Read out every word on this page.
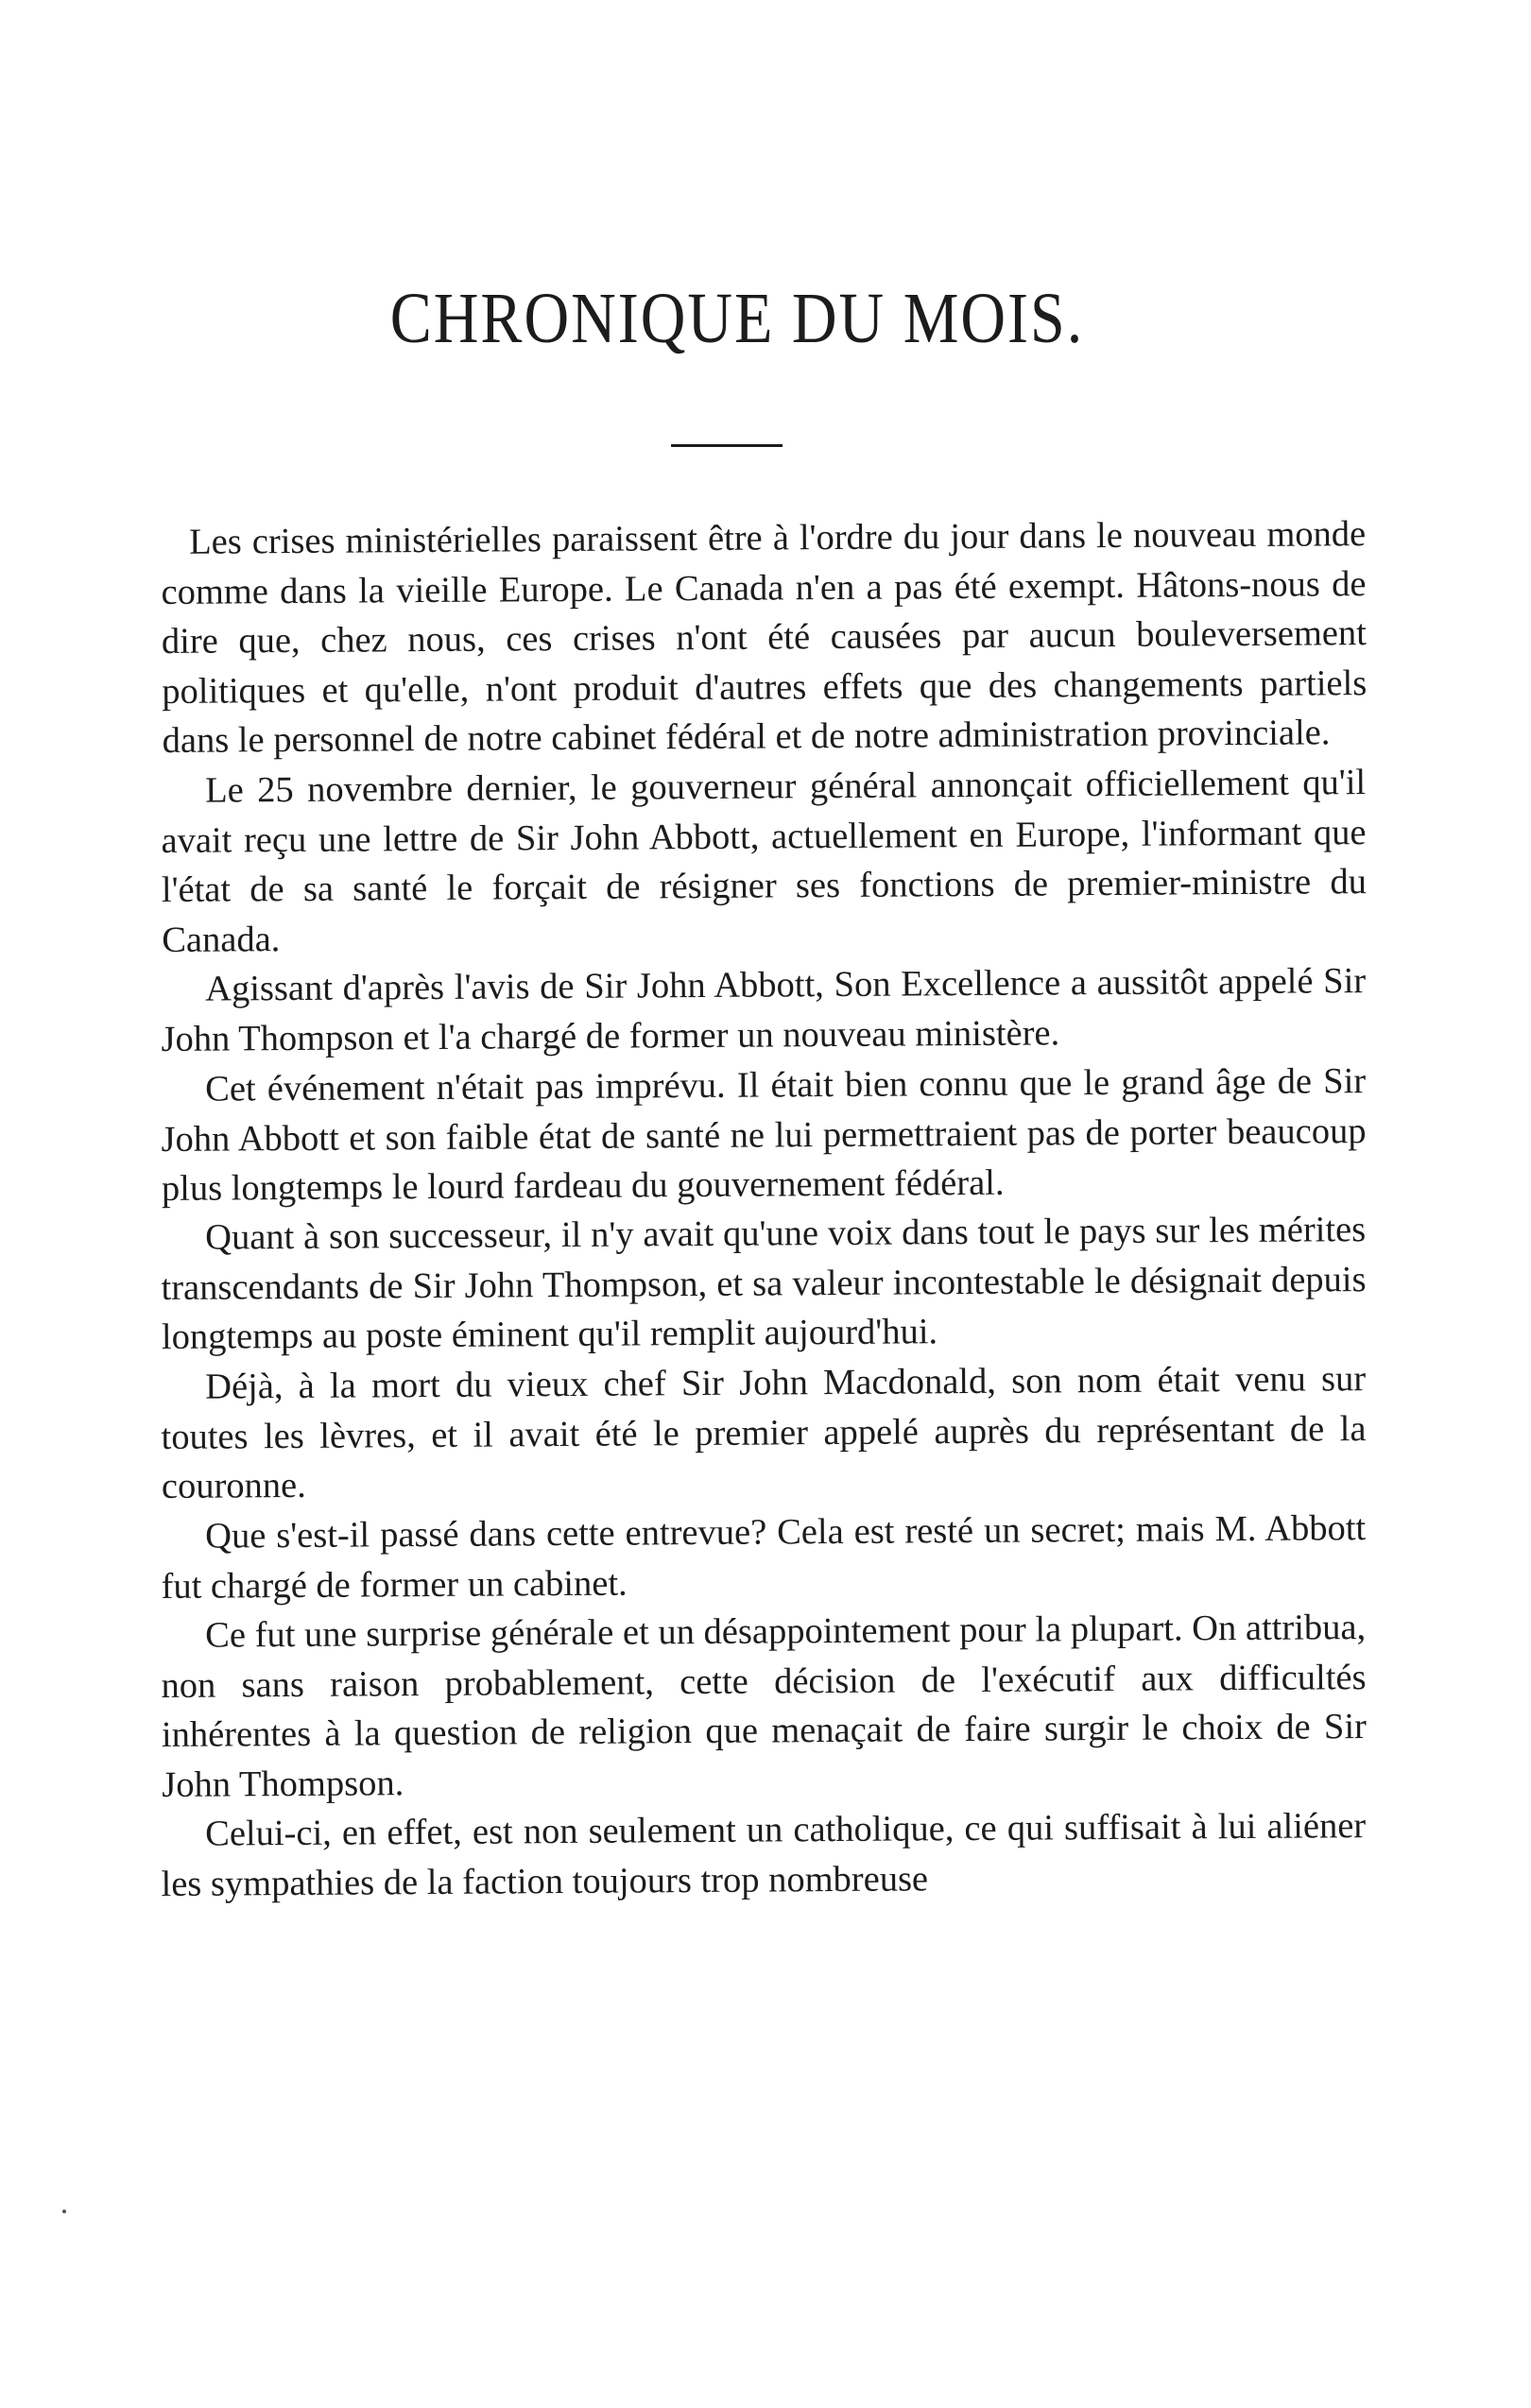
CHRONIQUE DU MOIS.

Les crises ministérielles paraissent être à l'ordre du jour dans le nouveau monde comme dans la vieille Europe. Le Canada n'en a pas été exempt. Hâtons-nous de dire que, chez nous, ces crises n'ont été causées par aucun bouleversement politiques et qu'elle, n'ont produit d'autres effets que des changements partiels dans le personnel de notre cabinet fédéral et de notre administration provinciale.

Le 25 novembre dernier, le gouverneur général annonçait officiellement qu'il avait reçu une lettre de Sir John Abbott, actuellement en Europe, l'informant que l'état de sa santé le forçait de résigner ses fonctions de premier-ministre du Canada.

Agissant d'après l'avis de Sir John Abbott, Son Excellence a aussitôt appelé Sir John Thompson et l'a chargé de former un nouveau ministère.

Cet événement n'était pas imprévu. Il était bien connu que le grand âge de Sir John Abbott et son faible état de santé ne lui permettraient pas de porter beaucoup plus longtemps le lourd fardeau du gouvernement fédéral.

Quant à son successeur, il n'y avait qu'une voix dans tout le pays sur les mérites transcendants de Sir John Thompson, et sa valeur incontestable le désignait depuis longtemps au poste éminent qu'il remplit aujourd'hui.

Déjà, à la mort du vieux chef Sir John Macdonald, son nom était venu sur toutes les lèvres, et il avait été le premier appelé auprès du représentant de la couronne.

Que s'est-il passé dans cette entrevue? Cela est resté un secret; mais M. Abbott fut chargé de former un cabinet.

Ce fut une surprise générale et un désappointement pour la plupart. On attribua, non sans raison probablement, cette décision de l'exécutif aux difficultés inhérentes à la question de religion que menaçait de faire surgir le choix de Sir John Thompson.

Celui-ci, en effet, est non seulement un catholique, ce qui suffisait à lui aliéner les sympathies de la faction toujours trop nombreuse
